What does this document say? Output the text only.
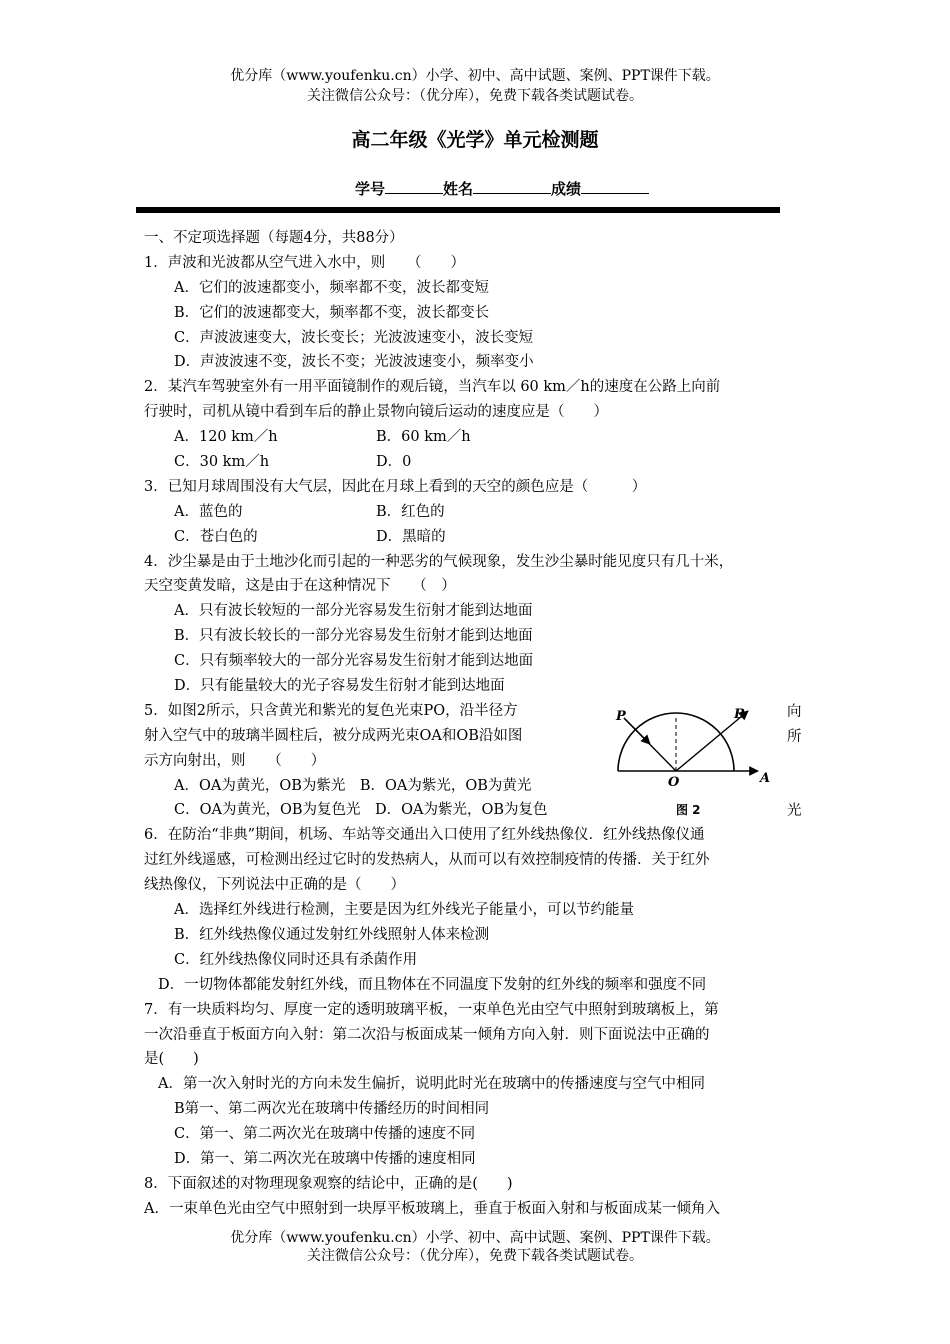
优分库（www.youfenku.cn）小学、初中、高中试题、案例、PPT课件下载。
关注微信公众号：（优分库），免费下载各类试题试卷。
高二年级《光学》单元检测题
学号	姓名	成绩
一、不定项选择题（每题4分，共88分）
1．声波和光波都从空气进入水中，则　　（　　）
A．它们的波速都变小，频率都不变，波长都变短
B．它们的波速都变大，频率都不变，波长都变长
C．声波波速变大，波长变长；光波波速变小，波长变短
D．声波波速不变，波长不变；光波波速变小，频率变小
2．某汽车驾驶室外有一用平面镜制作的观后镜，当汽车以 60 km／h的速度在公路上向前
行驶时，司机从镜中看到车后的静止景物向镜后运动的速度应是（　　）
A．120 km／h	B．60 km／h
C．30 km／h	D．0
3．已知月球周围没有大气层，因此在月球上看到的天空的颜色应是（　　　）
A．蓝色的	B．红色的
C．苍白色的	D．黑暗的
4．沙尘暴是由于土地沙化而引起的一种恶劣的气候现象，发生沙尘暴时能见度只有几十米，
天空变黄发暗，这是由于在这种情况下　　（　）
A．只有波长较短的一部分光容易发生衍射才能到达地面
B．只有波长较长的一部分光容易发生衍射才能到达地面
C．只有频率较大的一部分光容易发生衍射才能到达地面
D．只有能量较大的光子容易发生衍射才能到达地面
5．如图2所示，只含黄光和紫光的复色光束PO，沿半径方
射入空气中的玻璃半圆柱后，被分成两光束OA和OB沿如图
示方向射出，则　　（　　）
A．OA为黄光，OB为紫光　 B．OA为紫光，OB为黄光
C．OA为黄光，OB为复色光　 D．OA为紫光，OB为复色
6．在防治“非典”期间，机场、车站等交通出入口使用了红外线热像仪．红外线热像仪通
过红外线遥感，可检测出经过它时的发热病人，从而可以有效控制疫情的传播．关于红外
线热像仪，下列说法中正确的是（　　）
A．选择红外线进行检测，主要是因为红外线光子能量小，可以节约能量
B．红外线热像仪通过发射红外线照射人体来检测
C．红外线热像仪同时还具有杀菌作用
D．一切物体都能发射红外线，而且物体在不同温度下发射的红外线的频率和强度不同
7．有一块质料均匀、厚度一定的透明玻璃平板，一束单色光由空气中照射到玻璃板上，第
一次沿垂直于板面方向入射：第二次沿与板面成某一倾角方向入射．则下面说法中正确的
是(　　)
A．第一次入射时光的方向未发生偏折，说明此时光在玻璃中的传播速度与空气中相同
B第一、第二两次光在玻璃中传播经历的时间相同
C．第一、第二两次光在玻璃中传播的速度不同
D．第一、第二两次光在玻璃中传播的速度相同
8．下面叙述的对物理现象观察的结论中，正确的是(　　)
A．一束单色光由空气中照射到一块厚平板玻璃上，垂直于板面入射和与板面成某一倾角入
向
所
光
P	B
O	A
图 2
优分库（www.youfenku.cn）小学、初中、高中试题、案例、PPT课件下载。
关注微信公众号：（优分库），免费下载各类试题试卷。
